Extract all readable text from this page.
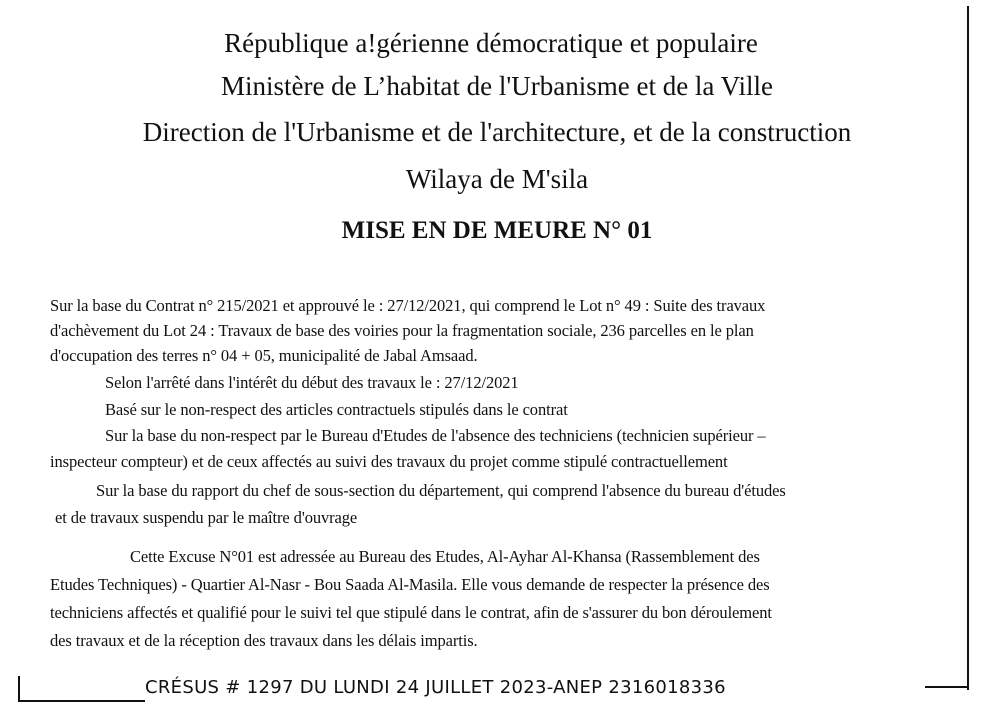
République a!gérienne démocratique et populaire
Ministère de L’habitat de l'Urbanisme et de la Ville
Direction de l'Urbanisme et de l'architecture, et de la construction
Wilaya de M'sila
MISE EN DE MEURE N° 01
Sur la base du Contrat n° 215/2021 et approuvé le : 27/12/2021, qui comprend le Lot n° 49 : Suite des travaux
d'achèvement du Lot 24 : Travaux de base des voiries pour la fragmentation sociale, 236 parcelles en le plan
d'occupation des terres n° 04 + 05, municipalité de Jabal Amsaad.
Selon l'arrêté dans l'intérêt du début des travaux le : 27/12/2021
Basé sur le non-respect des articles contractuels stipulés dans le contrat
Sur la base du non-respect par le Bureau d'Etudes de l'absence des techniciens (technicien supérieur –
inspecteur compteur) et de ceux affectés au suivi des travaux du projet comme stipulé contractuellement
Sur la base du rapport du chef de sous-section du département, qui comprend l'absence du bureau d'études
et de travaux suspendu par le maître d'ouvrage
Cette Excuse N°01 est adressée au Bureau des Etudes, Al-Ayhar Al-Khansa (Rassemblement des
Etudes Techniques) - Quartier Al-Nasr - Bou Saada Al-Masila. Elle vous demande de respecter la présence des
techniciens affectés et qualifié pour le suivi tel que stipulé dans le contrat, afin de s'assurer du bon déroulement
des travaux et de la réception des travaux dans les délais impartis.
CRÉSUS # 1297 DU LUNDI 24 JUILLET 2023-ANEP 2316018336
